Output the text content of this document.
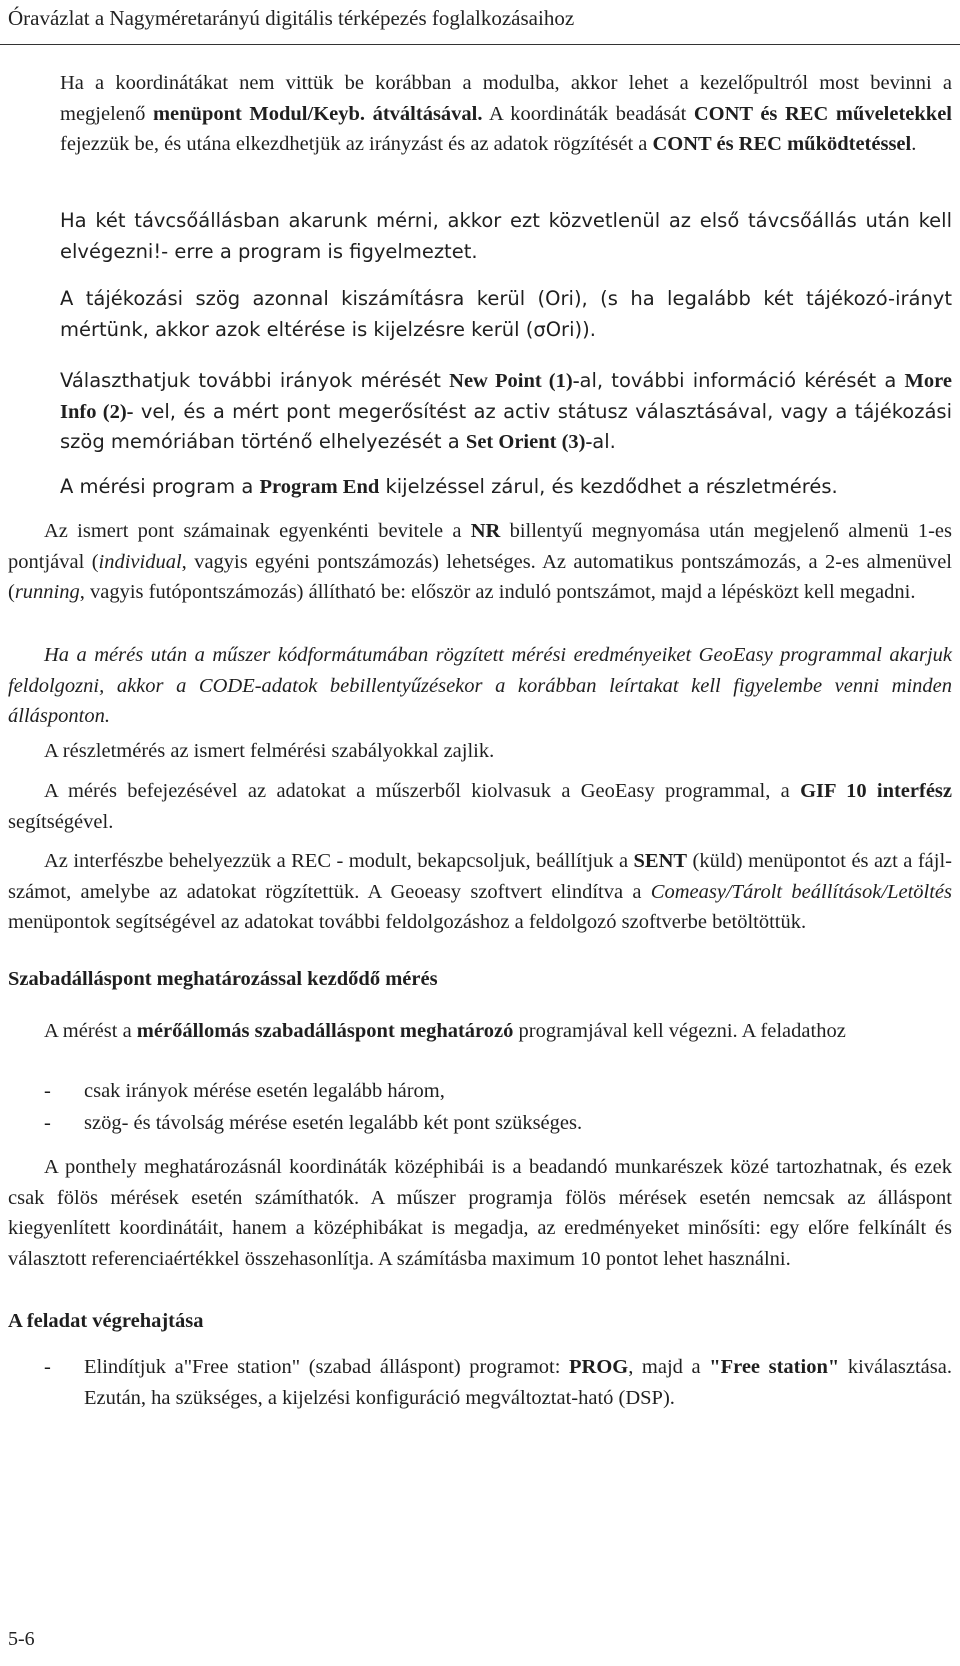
Óravázlat a Nagyméretarányú digitális térképezés foglalkozásaihoz
Ha a koordinátákat nem vittük be korábban a modulba, akkor lehet a kezelőpultról most bevinni a megjelenő menüpont Modul/Keyb. átváltásával. A koordináták beadását CONT és REC műveletekkel fejezzük be, és utána elkezdhetjük az irányzást és az adatok rögzítését a CONT és REC működtetéssel.
Ha két távcsőállásban akarunk mérni, akkor ezt közvetlenül az első távcsőállás után kell elvégezni!- erre a program is figyelmeztet.
A tájékozási szög azonnal kiszámításra kerül (Ori), (s ha legalább két tájékozó-irányt mértünk, akkor azok eltérése is kijelzésre kerül (σOri)).
Választhatjuk további irányok mérését New Point (1)-al, további információ kérését a More Info (2)- vel, és a mért pont megerősítést az activ státusz választásával, vagy a tájékozási szög memóriában történő elhelyezését a Set Orient (3)-al.
A mérési program a Program End kijelzéssel zárul, és kezdődhet a részletmérés.
Az ismert pont számainak egyenkénti bevitele a NR billentyű megnyomása után megjelenő almenü 1-es pontjával (individual, vagyis egyéni pontszámozás) lehetséges. Az automatikus pontszámozás, a 2-es almenüvel (running, vagyis futópontszámozás) állítható be: először az induló pontszámot, majd a lépésközt kell megadni.
Ha a mérés után a műszer kódformátumában rögzített mérési eredményeiket GeoEasy programmal akarjuk feldolgozni, akkor a CODE-adatok bebillentyűzésekor a korábban leírtakat kell figyelembe venni minden állásponton.
A részletmérés az ismert felmérési szabályokkal zajlik.
A mérés befejezésével az adatokat a műszerből kiolvasuk a GeoEasy programmal, a GIF 10 interfész segítségével.
Az interfészbe behelyezzük a REC - modult, bekapcsoljuk, beállítjuk a SENT (küld) menüpontot és azt a fájl-számot, amelybe az adatokat rögzítettük. A Geoeasy szoftvert elindítva a Comeasy/Tárolt beállítások/Letöltés menüpontok segítségével az adatokat további feldolgozáshoz a feldolgozó szoftverbe betöltöttük.
Szabadálláspont meghatározással kezdődő mérés
A mérést a mérőállomás szabadálláspont meghatározó programjával kell végezni. A feladathoz
- csak irányok mérése esetén legalább három,
- szög- és távolság mérése esetén legalább két pont szükséges.
A ponthely meghatározásnál koordináták középhibái is a beadandó munkarészek közé tartozhatnak, és ezek csak fölös mérések esetén számíthatók. A műszer programja fölös mérések esetén nemcsak az álláspont kiegyenlített koordinátáit, hanem a középhibákat is megadja, az eredményeket minősíti: egy előre felkínált és választott referenciaértékkel összehasonlítja. A számításba maximum 10 pontot lehet használni.
A feladat végrehajtása
- Elindítjuk a"Free station" (szabad álláspont) programot: PROG, majd a "Free station" kiválasztása. Ezután, ha szükséges, a kijelzési konfiguráció megváltoztat-ható (DSP).
5-6
